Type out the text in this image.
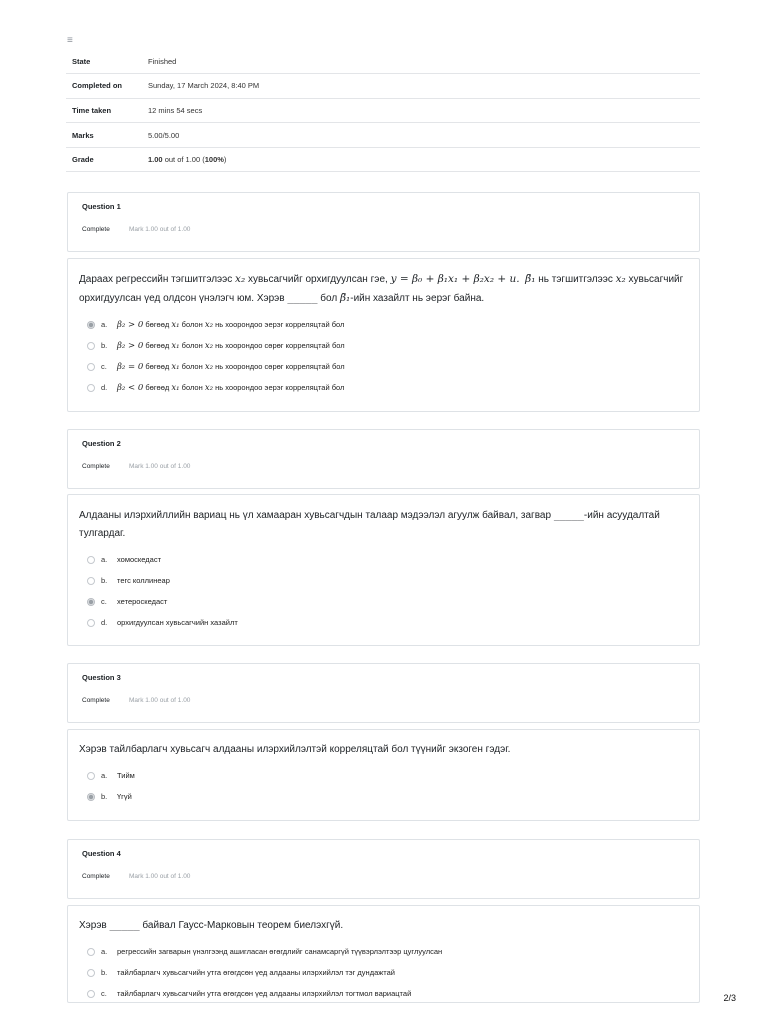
≡
State	Finished
Completed on	Sunday, 17 March 2024, 8:40 PM
Time taken	12 mins 54 secs
Marks	5.00/5.00
Grade	1.00 out of 1.00 (100%)
Question 1
Complete	Mark 1.00 out of 1.00
Дараах регрессийн тэгшитгэлээс x₂ хувьсагчийг орхигдуулсан гэе, y = β₀ + β₁x₁ + β₂x₂ + u. β̃₁ нь тэгшитгэлээс x₂ хувьсагчийг орхигдуулсан үед олдсон үнэлэгч юм. Хэрэв _____ бол β̃₁-ийн хазайлт нь эерэг байна.
a.	β₂ > 0 бөгөөд x₁ болон x₂ нь хоорондоо эерэг корреляцтай бол
b.	β₂ > 0 бөгөөд x₁ болон x₂ нь хоорондоо сөрөг корреляцтай бол
c.	β₂ = 0 бөгөөд x₁ болон x₂ нь хоорондоо сөрөг корреляцтай бол
d.	β₂ < 0 бөгөөд x₁ болон x₂ нь хоорондоо эерэг корреляцтай бол
Question 2
Complete	Mark 1.00 out of 1.00
Алдааны илэрхийллийн вариац нь үл хамааран хувьсагчдын талаар мэдээлэл агуулж байвал, загвар _____-ийн асуудалтай тулгардаг.
a.	хомоскедаст
b.	тегс коллинеар
c.	хетероскедаст
d.	орхигдуулсан хувьсагчийн хазайлт
Question 3
Complete	Mark 1.00 out of 1.00
Хэрэв тайлбарлагч хувьсагч алдааны илэрхийлэлтэй корреляцтай бол түүнийг экзоген гэдэг.
a.	Тийм
b.	Үгүй
Question 4
Complete	Mark 1.00 out of 1.00
Хэрэв _____ байвал Гаусс-Марковын теорем биелэхгүй.
a.	регрессийн загварын үнэлгээнд ашигласан өгөгдлийг санамсаргүй түүвэрлэлтээр цуглуулсан
b.	тайлбарлагч хувьсагчийн утга өгөгдсөн үед алдааны илэрхийлэл тэг дундажтай
c.	тайлбарлагч хувьсагчийн утга өгөгдсөн үед алдааны илэрхийлэл тогтмол вариацтай	2/3
